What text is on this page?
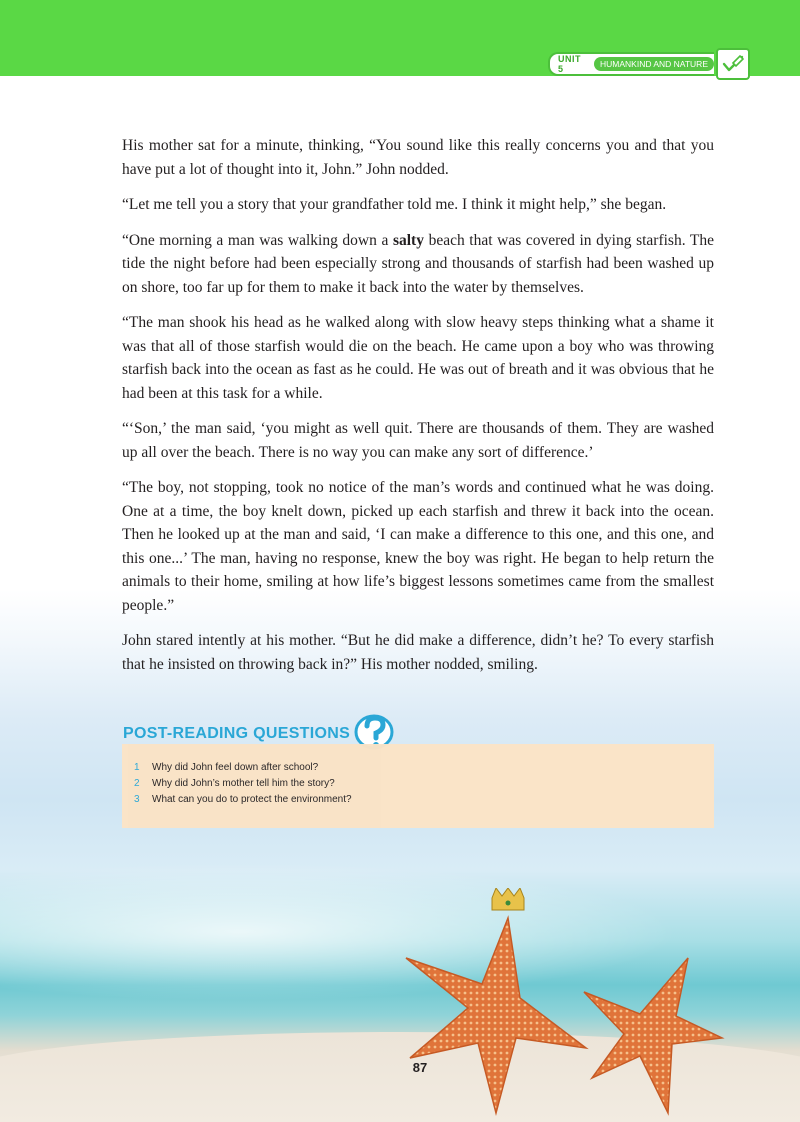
UNIT 5	HUMANKIND AND NATURE

His mother sat for a minute, thinking, “You sound like this really concerns you and that you have put a lot of thought into it, John.” John nodded.

“Let me tell you a story that your grandfather told me. I think it might help,” she began.

“One morning a man was walking down a salty beach that was covered in dying starfish. The tide the night before had been especially strong and thousands of starfish had been washed up on shore, too far up for them to make it back into the water by themselves.

“The man shook his head as he walked along with slow heavy steps thinking what a shame it was that all of those starfish would die on the beach. He came upon a boy who was throwing starfish back into the ocean as fast as he could. He was out of breath and it was obvious that he had been at this task for a while.

“‘Son,’ the man said, ‘you might as well quit. There are thousands of them. They are washed up all over the beach. There is no way you can make any sort of difference.’

“The boy, not stopping, took no notice of the man’s words and continued what he was doing. One at a time, the boy knelt down, picked up each starfish and threw it back into the ocean. Then he looked up at the man and said, ‘I can make a difference to this one, and this one, and this one...’ The man, having no response, knew the boy was right. He began to help return the animals to their home, smiling at how life’s biggest lessons sometimes came from the smallest people.”

John stared intently at his mother. “But he did make a difference, didn’t he? To every starfish that he insisted on throwing back in?” His mother nodded, smiling.

POST-READING QUESTIONS
1	Why did John feel down after school?
2	Why did John’s mother tell him the story?
3	What can you do to protect the environment?
87
